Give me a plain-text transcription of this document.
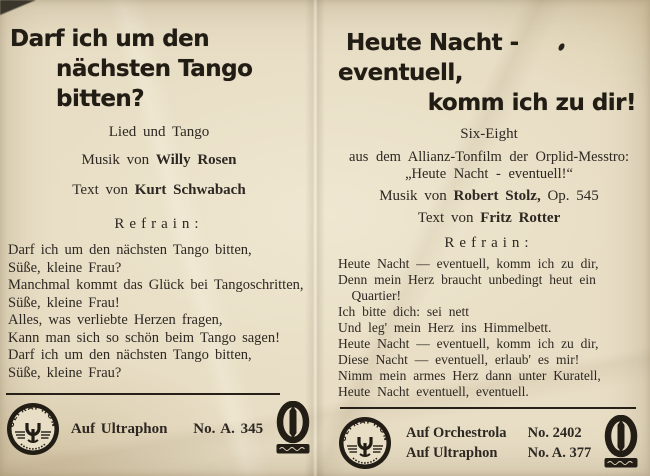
Darf ich um den
nächsten Tango bitten?
Lied und Tango
Musik von Willy Rosen
Text von Kurt Schwabach
Refrain:
Darf ich um den nächsten Tango bitten,
Süße, kleine Frau?
Manchmal kommt das Glück bei Tangoschritten,
Süße, kleine Frau!
Alles, was verliebte Herzen fragen,
Kann man sich so schön beim Tango sagen!
Darf ich um den nächsten Tango bitten,
Süße, kleine Frau?
ULTRAPHON Auf Ultraphon No. A. 345
Heute Nacht - eventuell,
komm ich zu dir!
Six-Eight
aus dem Allianz-Tonfilm der Orplid-Messtro:
„Heute Nacht - eventuell!“
Musik von Robert Stolz, Op. 545
Text von Fritz Rotter
Refrain:
Heute Nacht — eventuell, komm ich zu dir,
Denn mein Herz braucht unbedingt heut ein
 Quartier!
Ich bitte dich: sei nett
Und leg' mein Herz ins Himmelbett.
Heute Nacht — eventuell, komm ich zu dir,
Diese Nacht — eventuell, erlaub' es mir!
Nimm mein armes Herz dann unter Kuratell,
Heute Nacht eventuell, eventuell.
ULTRAPHON Auf Orchestrola No. 2402
Auf Ultraphon No. A. 377
